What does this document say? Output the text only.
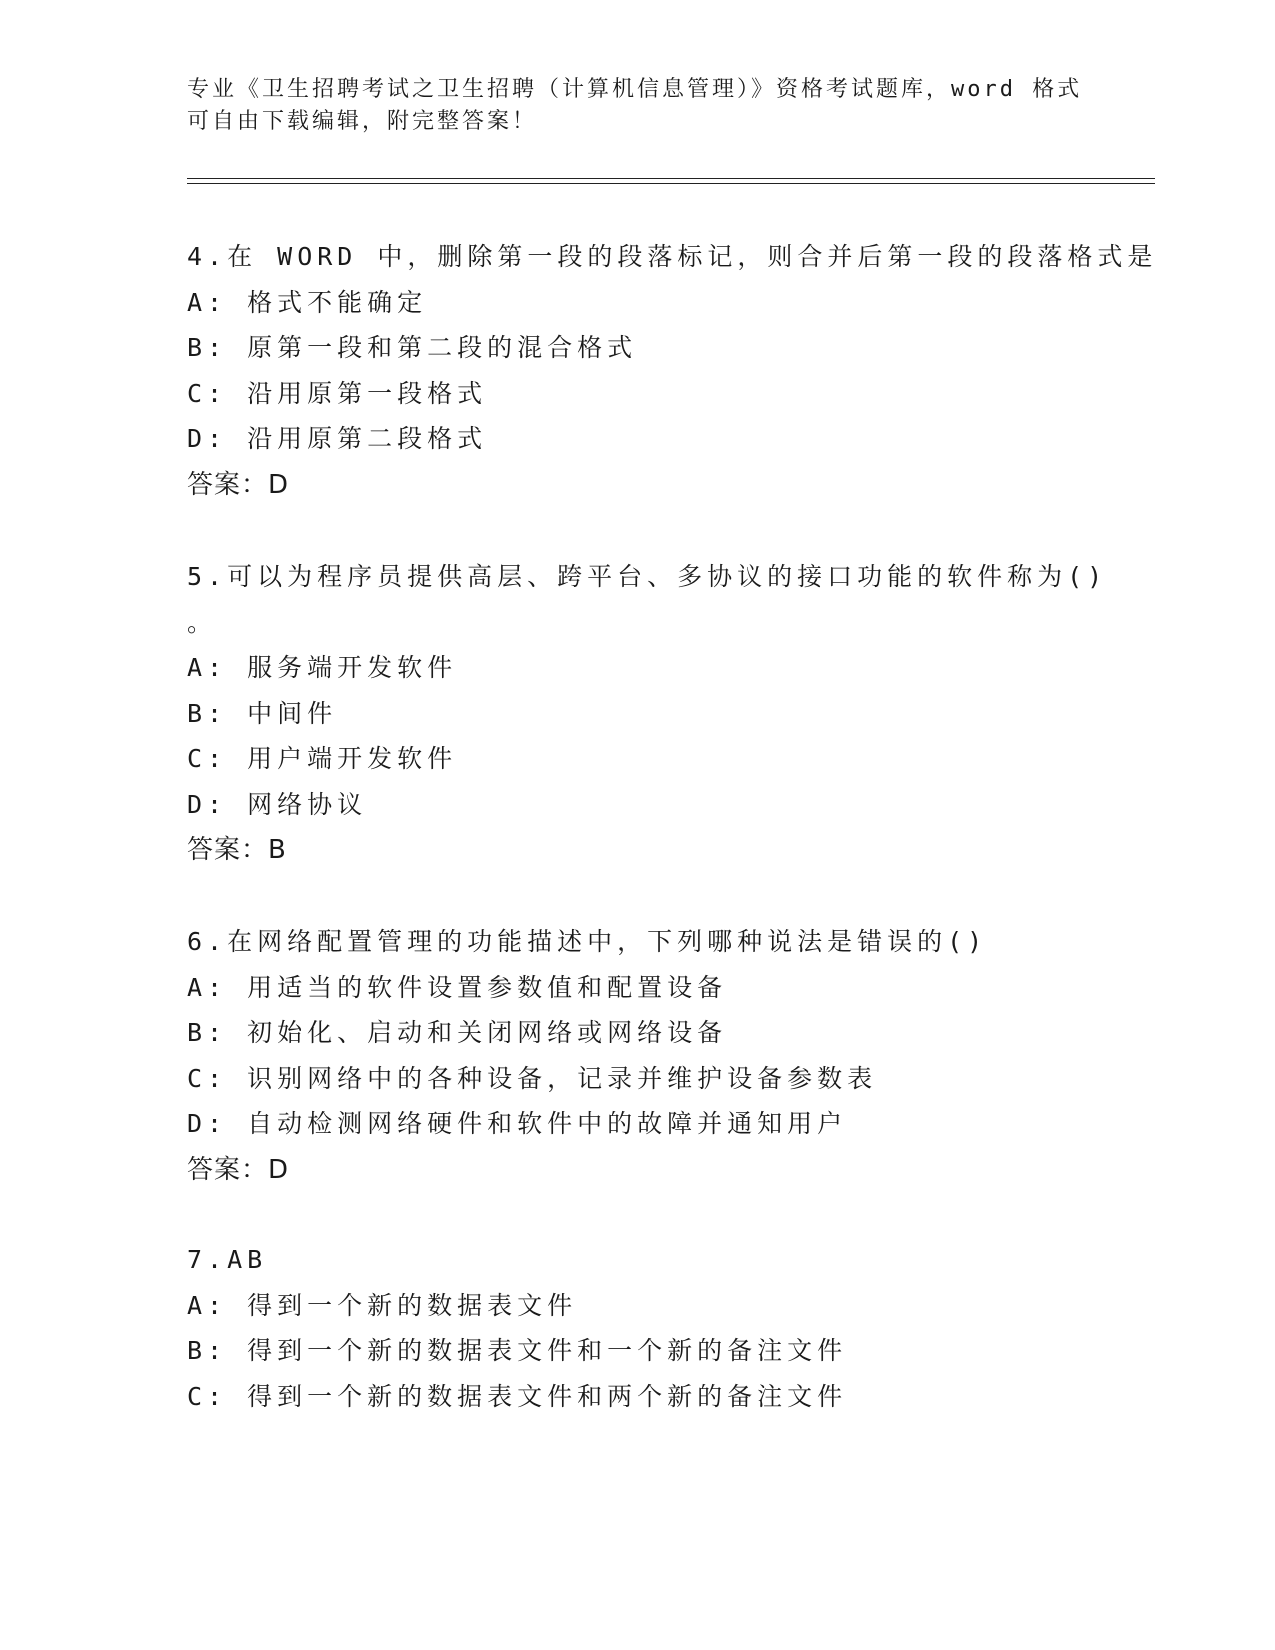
专业《卫生招聘考试之卫生招聘（计算机信息管理）》资格考试题库，word 格式
可自由下载编辑，附完整答案！
4.在 WORD 中，删除第一段的段落标记，则合并后第一段的段落格式是
A: 格式不能确定
B: 原第一段和第二段的混合格式
C: 沿用原第一段格式
D: 沿用原第二段格式
答案：D
5.可以为程序员提供高层、跨平台、多协议的接口功能的软件称为()
。
A: 服务端开发软件
B: 中间件
C: 用户端开发软件
D: 网络协议
答案：B
6.在网络配置管理的功能描述中，下列哪种说法是错误的()
A: 用适当的软件设置参数值和配置设备
B: 初始化、启动和关闭网络或网络设备
C: 识别网络中的各种设备，记录并维护设备参数表
D: 自动检测网络硬件和软件中的故障并通知用户
答案：D
7.AB
A: 得到一个新的数据表文件
B: 得到一个新的数据表文件和一个新的备注文件
C: 得到一个新的数据表文件和两个新的备注文件
